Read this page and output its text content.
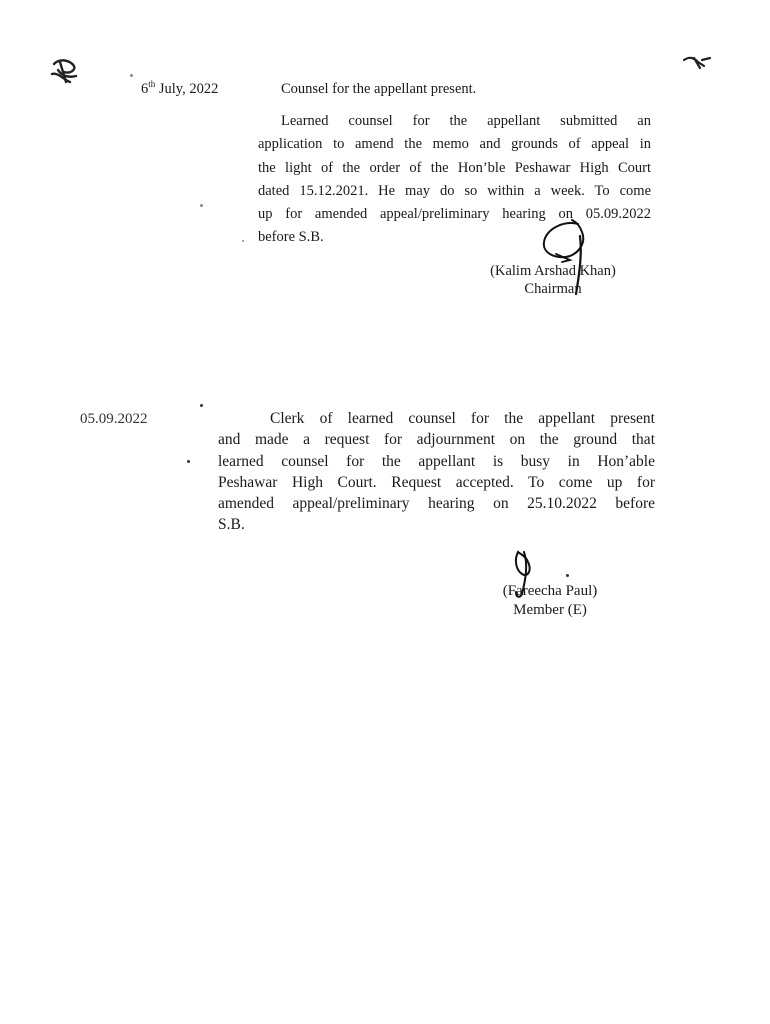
6th July, 2022	Counsel for the appellant present.
Learned counsel for the appellant submitted an
application to amend the memo and grounds of appeal in
the light of the order of the Hon’ble Peshawar High Court
dated 15.12.2021. He may do so within a week. To come
up for amended appeal/preliminary hearing on 05.09.2022
before S.B.
(Kalim Arshad Khan)
Chairman
05.09.2022	Clerk of learned counsel for the appellant present
and made a request for adjournment on the ground that
learned counsel for the appellant is busy in Hon’able
Peshawar High Court. Request accepted. To come up for
amended appeal/preliminary hearing on 25.10.2022 before
S.B.
(Fareecha Paul)
Member (E)
